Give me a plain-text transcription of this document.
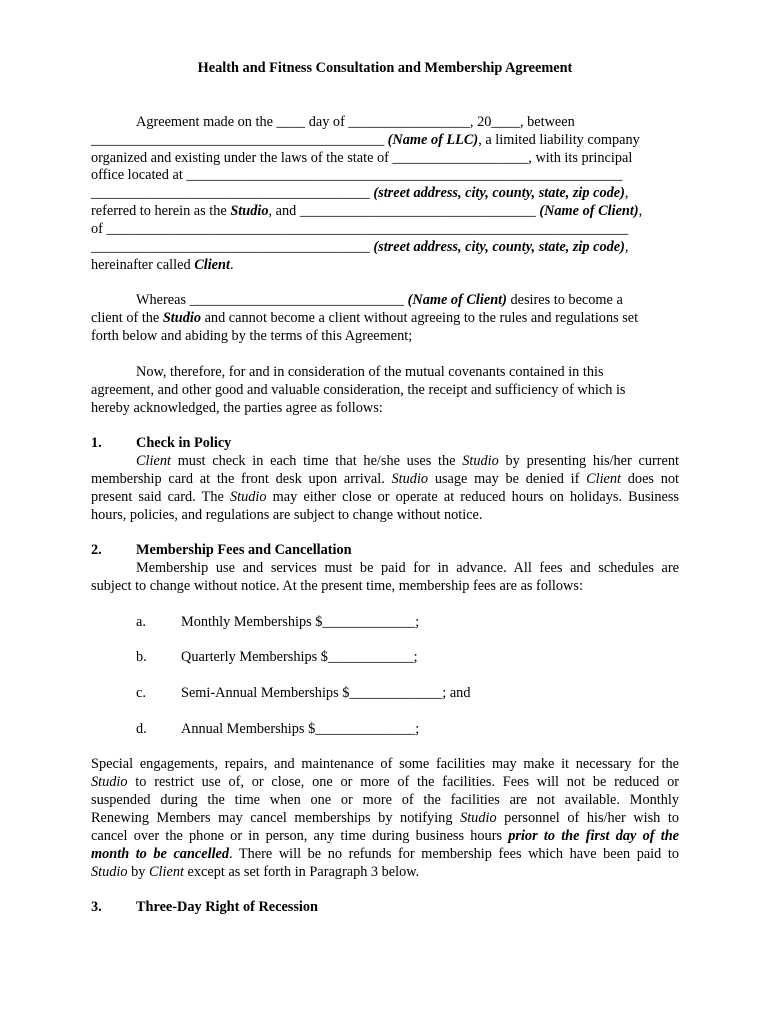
Health and Fitness Consultation and Membership Agreement
Agreement made on the ____ day of _________________, 20____, between
_________________________________________ (Name of LLC), a limited liability company
organized and existing under the laws of the state of ___________________, with its principal
office located at _____________________________________________________________
_______________________________________ (street address, city, county, state, zip code),
referred to herein as the Studio, and _________________________________ (Name of Client),
of _________________________________________________________________________
_______________________________________ (street address, city, county, state, zip code),
hereinafter called Client.
Whereas ______________________________ (Name of Client) desires to become a
client of the Studio and cannot become a client without agreeing to the rules and regulations set
forth below and abiding by the terms of this Agreement;
Now, therefore, for and in consideration of the mutual covenants contained in this
agreement, and other good and valuable consideration, the receipt and sufficiency of which is
hereby acknowledged, the parties agree as follows:
1. Check in Policy
Client must check in each time that he/she uses the Studio by presenting his/her current
membership card at the front desk upon arrival. Studio usage may be denied if Client does not
present said card. The Studio may either close or operate at reduced hours on holidays. Business
hours, policies, and regulations are subject to change without notice.
2. Membership Fees and Cancellation
Membership use and services must be paid for in advance. All fees and schedules are
subject to change without notice. At the present time, membership fees are as follows:
a. Monthly Memberships $_____________;
b. Quarterly Memberships $____________;
c. Semi-Annual Memberships $_____________; and
d. Annual Memberships $______________;
Special engagements, repairs, and maintenance of some facilities may make it necessary for the
Studio to restrict use of, or close, one or more of the facilities. Fees will not be reduced or
suspended during the time when one or more of the facilities are not available. Monthly
Renewing Members may cancel memberships by notifying Studio personnel of his/her wish to
cancel over the phone or in person, any time during business hours prior to the first day of the
month to be cancelled. There will be no refunds for membership fees which have been paid to
Studio by Client except as set forth in Paragraph 3 below.
3. Three-Day Right of Recession
